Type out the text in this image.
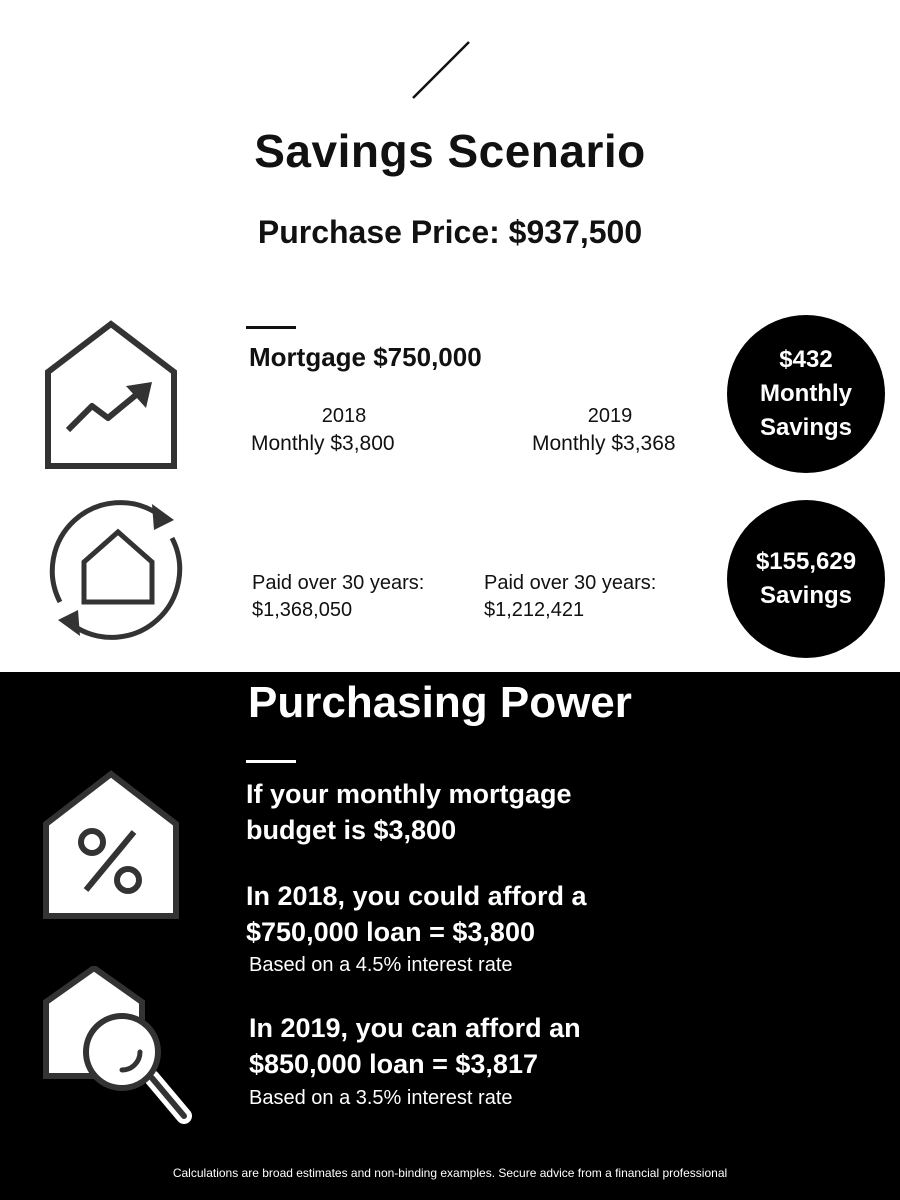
Savings Scenario
Purchase Price: $937,500
Mortgage $750,000
2018	2019
Monthly $3,800	Monthly $3,368
$432
Monthly
Savings
Paid over 30 years:
$1,368,050
Paid over 30 years:
$1,212,421
$155,629
Savings
Purchasing Power
If your monthly mortgage
budget is $3,800
In 2018, you could afford a
$750,000 loan = $3,800
Based on a 4.5% interest rate
In 2019, you can afford an
$850,000 loan = $3,817
Based on a 3.5% interest rate
Calculations are broad estimates and non-binding examples. Secure advice from a financial professional
